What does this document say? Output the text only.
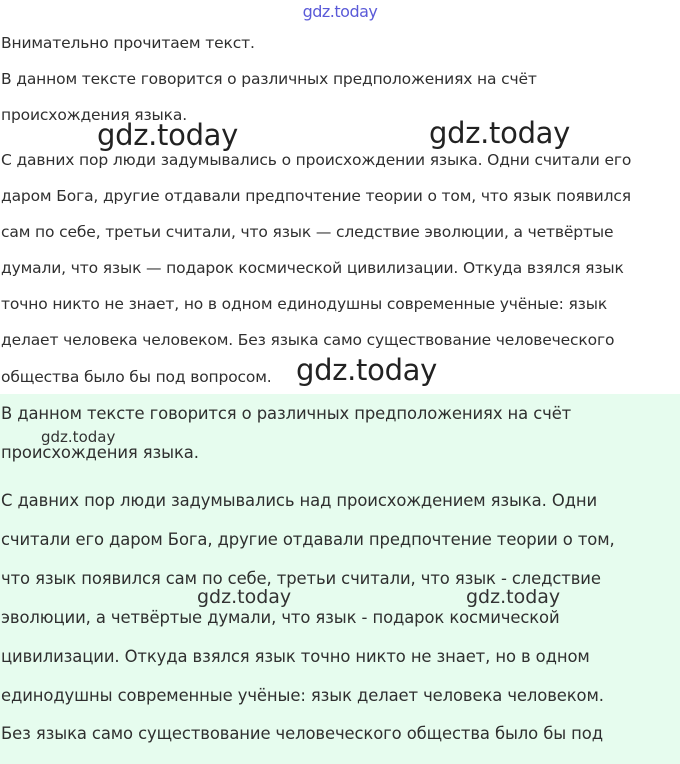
gdz.today
Внимательно прочитаем текст.
В данном тексте говорится о различных предположениях на счёт
происхождения языка.
С давних пор люди задумывались о происхождении языка. Одни считали его
даром Бога, другие отдавали предпочтение теории о том, что язык появился
сам по себе, третьи считали, что язык — следствие эволюции, а четвёртые
думали, что язык — подарок космической цивилизации. Откуда взялся язык
точно никто не знает, но в одном единодушны современные учёные: язык
делает человека человеком. Без языка само существование человеческого
общества было бы под вопросом.
gdz.today	gdz.today
gdz.today
В данном тексте говорится о различных предположениях на счёт
происхождения языка.
С давних пор люди задумывались над происхождением языка. Одни
считали его даром Бога, другие отдавали предпочтение теории о том,
что язык появился сам по себе, третьи считали, что язык - следствие
эволюции, а четвёртые думали, что язык - подарок космической
цивилизации. Откуда взялся язык точно никто не знает, но в одном
единодушны современные учёные: язык делает человека человеком.
Без языка само существование человеческого общества было бы под
gdz.today
gdz.today	gdz.today
